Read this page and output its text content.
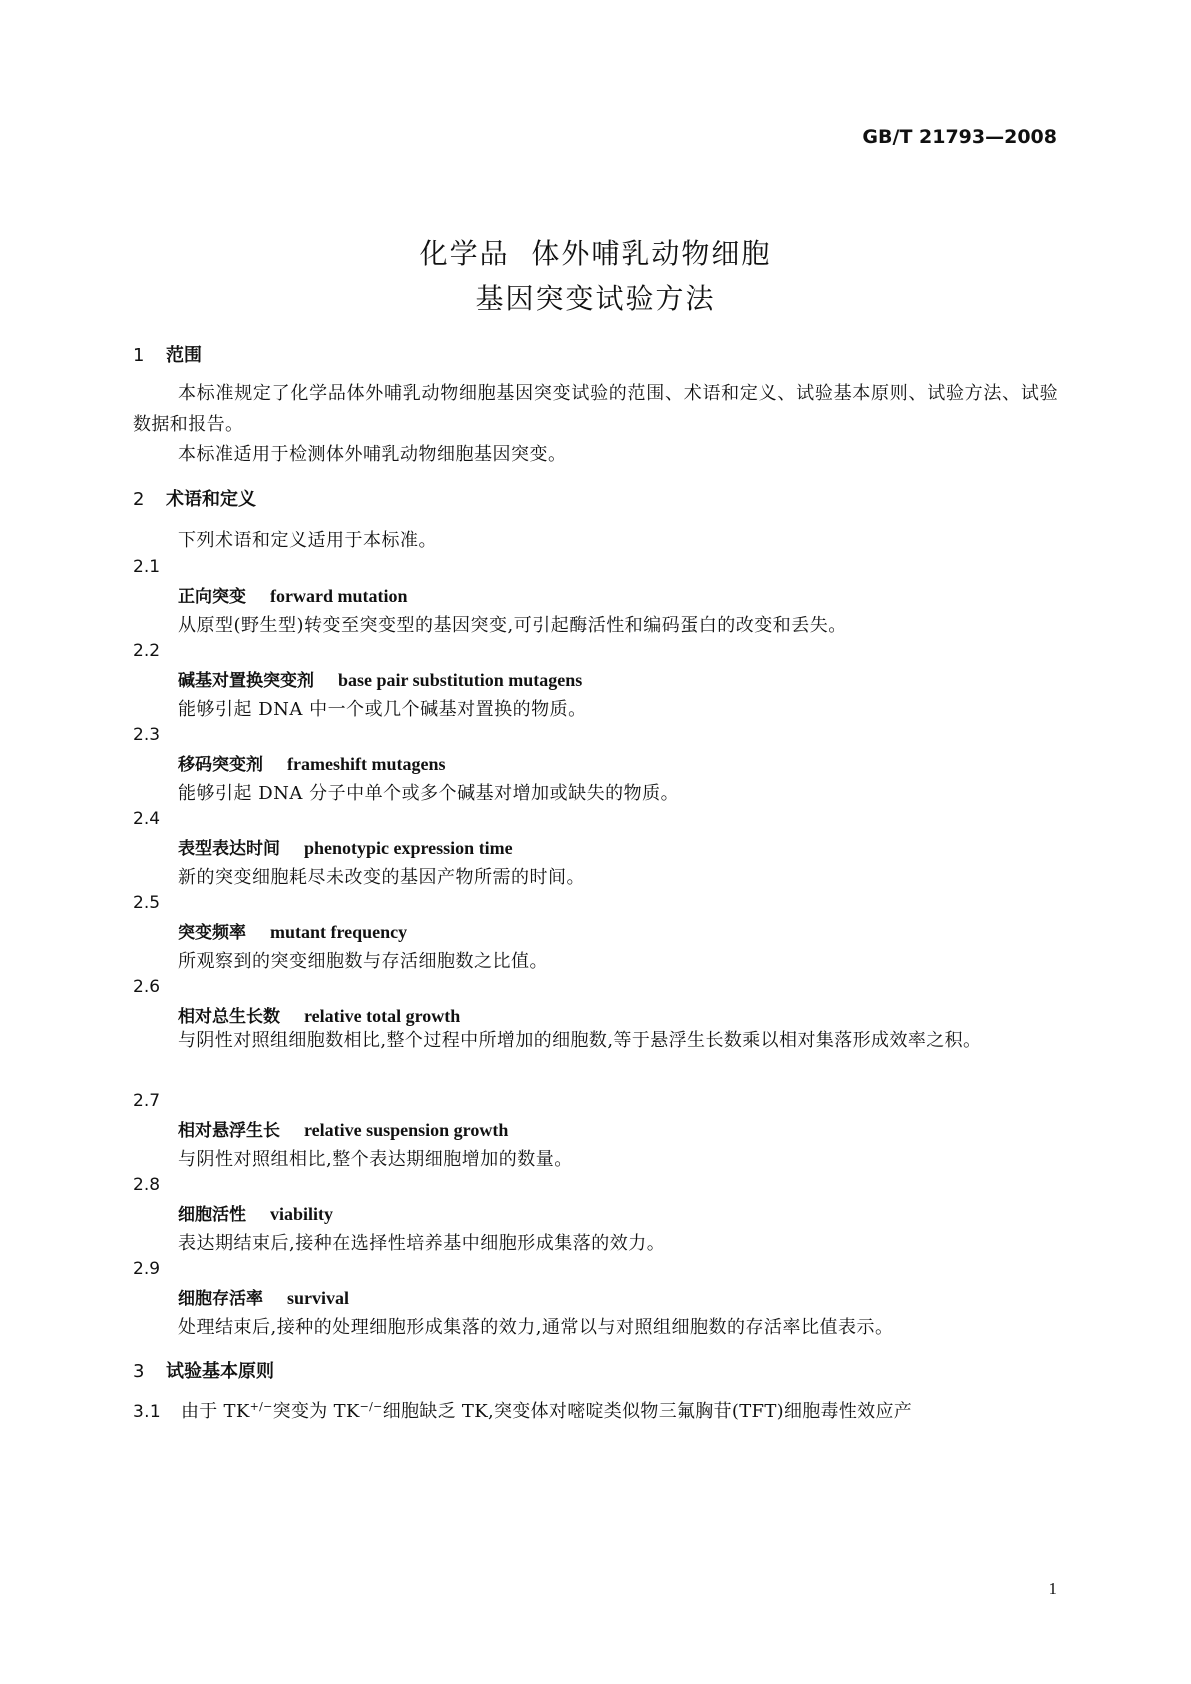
GB/T 21793—2008
化学品  体外哺乳动物细胞
基因突变试验方法
1 范围
本标准规定了化学品体外哺乳动物细胞基因突变试验的范围、术语和定义、试验基本原则、试验方法、试验数据和报告。
本标准适用于检测体外哺乳动物细胞基因突变。
2 术语和定义
下列术语和定义适用于本标准。
2.1
正向突变 forward mutation
从原型(野生型)转变至突变型的基因突变,可引起酶活性和编码蛋白的改变和丢失。
2.2
碱基对置换突变剂 base pair substitution mutagens
能够引起 DNA 中一个或几个碱基对置换的物质。
2.3
移码突变剂 frameshift mutagens
能够引起 DNA 分子中单个或多个碱基对增加或缺失的物质。
2.4
表型表达时间 phenotypic expression time
新的突变细胞耗尽未改变的基因产物所需的时间。
2.5
突变频率 mutant frequency
所观察到的突变细胞数与存活细胞数之比值。
2.6
相对总生长数 relative total growth
与阴性对照组细胞数相比,整个过程中所增加的细胞数,等于悬浮生长数乘以相对集落形成效率之积。
2.7
相对悬浮生长 relative suspension growth
与阴性对照组相比,整个表达期细胞增加的数量。
2.8
细胞活性 viability
表达期结束后,接种在选择性培养基中细胞形成集落的效力。
2.9
细胞存活率 survival
处理结束后,接种的处理细胞形成集落的效力,通常以与对照组细胞数的存活率比值表示。
3 试验基本原则
3.1 由于 TK+/−突变为 TK−/−细胞缺乏 TK,突变体对嘧啶类似物三氟胸苷(TFT)细胞毒性效应产
1
